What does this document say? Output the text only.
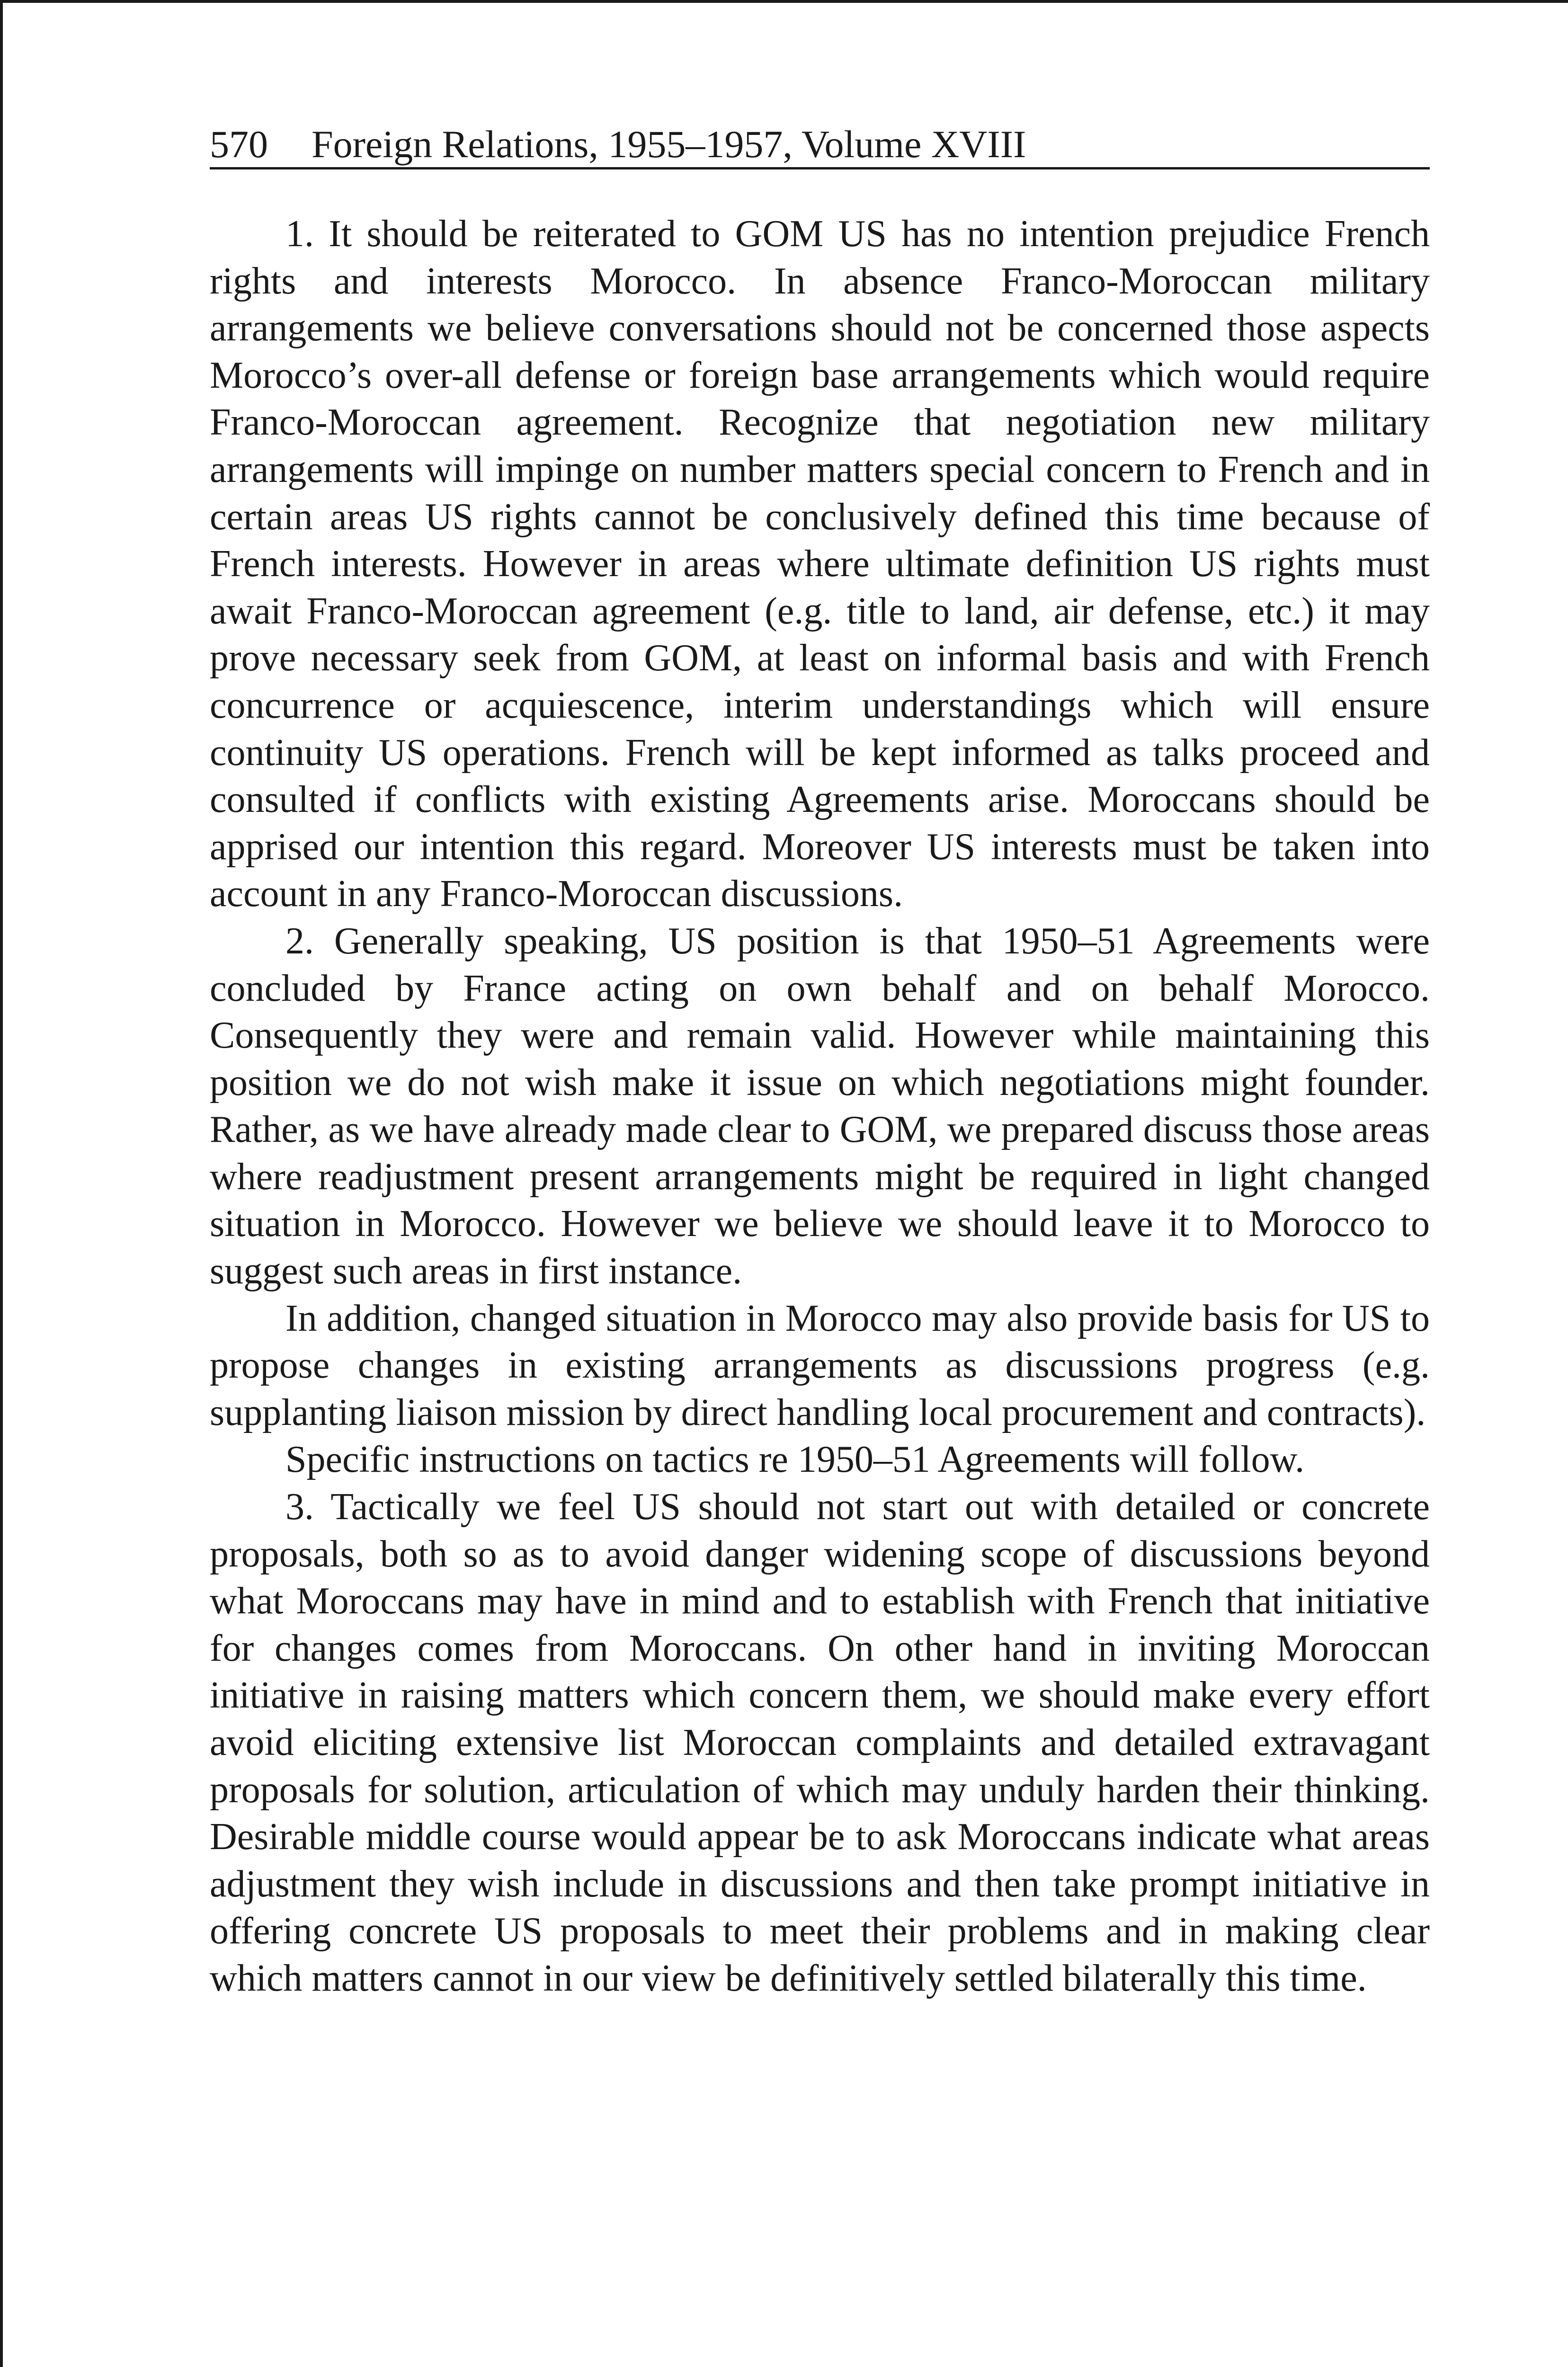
570 Foreign Relations, 1955–1957, Volume XVIII

1. It should be reiterated to GOM US has no intention prejudice French rights and interests Morocco. In absence Franco-Moroccan military arrangements we believe conversations should not be concerned those aspects Morocco’s over-all defense or foreign base arrangements which would require Franco-Moroccan agreement. Recognize that negotiation new military arrangements will impinge on number matters special concern to French and in certain areas US rights cannot be conclusively defined this time because of French interests. However in areas where ultimate definition US rights must await Franco-Moroccan agreement (e.g. title to land, air defense, etc.) it may prove necessary seek from GOM, at least on informal basis and with French concurrence or acquiescence, interim understandings which will ensure continuity US operations. French will be kept informed as talks proceed and consulted if conflicts with existing Agreements arise. Moroccans should be apprised our intention this regard. Moreover US interests must be taken into account in any Franco-Moroccan discussions.

2. Generally speaking, US position is that 1950–51 Agreements were concluded by France acting on own behalf and on behalf Morocco. Consequently they were and remain valid. However while maintaining this position we do not wish make it issue on which negotiations might founder. Rather, as we have already made clear to GOM, we prepared discuss those areas where readjustment present arrangements might be required in light changed situation in Morocco. However we believe we should leave it to Morocco to suggest such areas in first instance.

In addition, changed situation in Morocco may also provide basis for US to propose changes in existing arrangements as discussions progress (e.g. supplanting liaison mission by direct handling local procurement and contracts).

Specific instructions on tactics re 1950–51 Agreements will follow.

3. Tactically we feel US should not start out with detailed or concrete proposals, both so as to avoid danger widening scope of discussions beyond what Moroccans may have in mind and to establish with French that initiative for changes comes from Moroccans. On other hand in inviting Moroccan initiative in raising matters which concern them, we should make every effort avoid eliciting extensive list Moroccan complaints and detailed extravagant proposals for solution, articulation of which may unduly harden their thinking. Desirable middle course would appear be to ask Moroccans indicate what areas adjustment they wish include in discussions and then take prompt initiative in offering concrete US proposals to meet their problems and in making clear which matters cannot in our view be definitively settled bilaterally this time.
